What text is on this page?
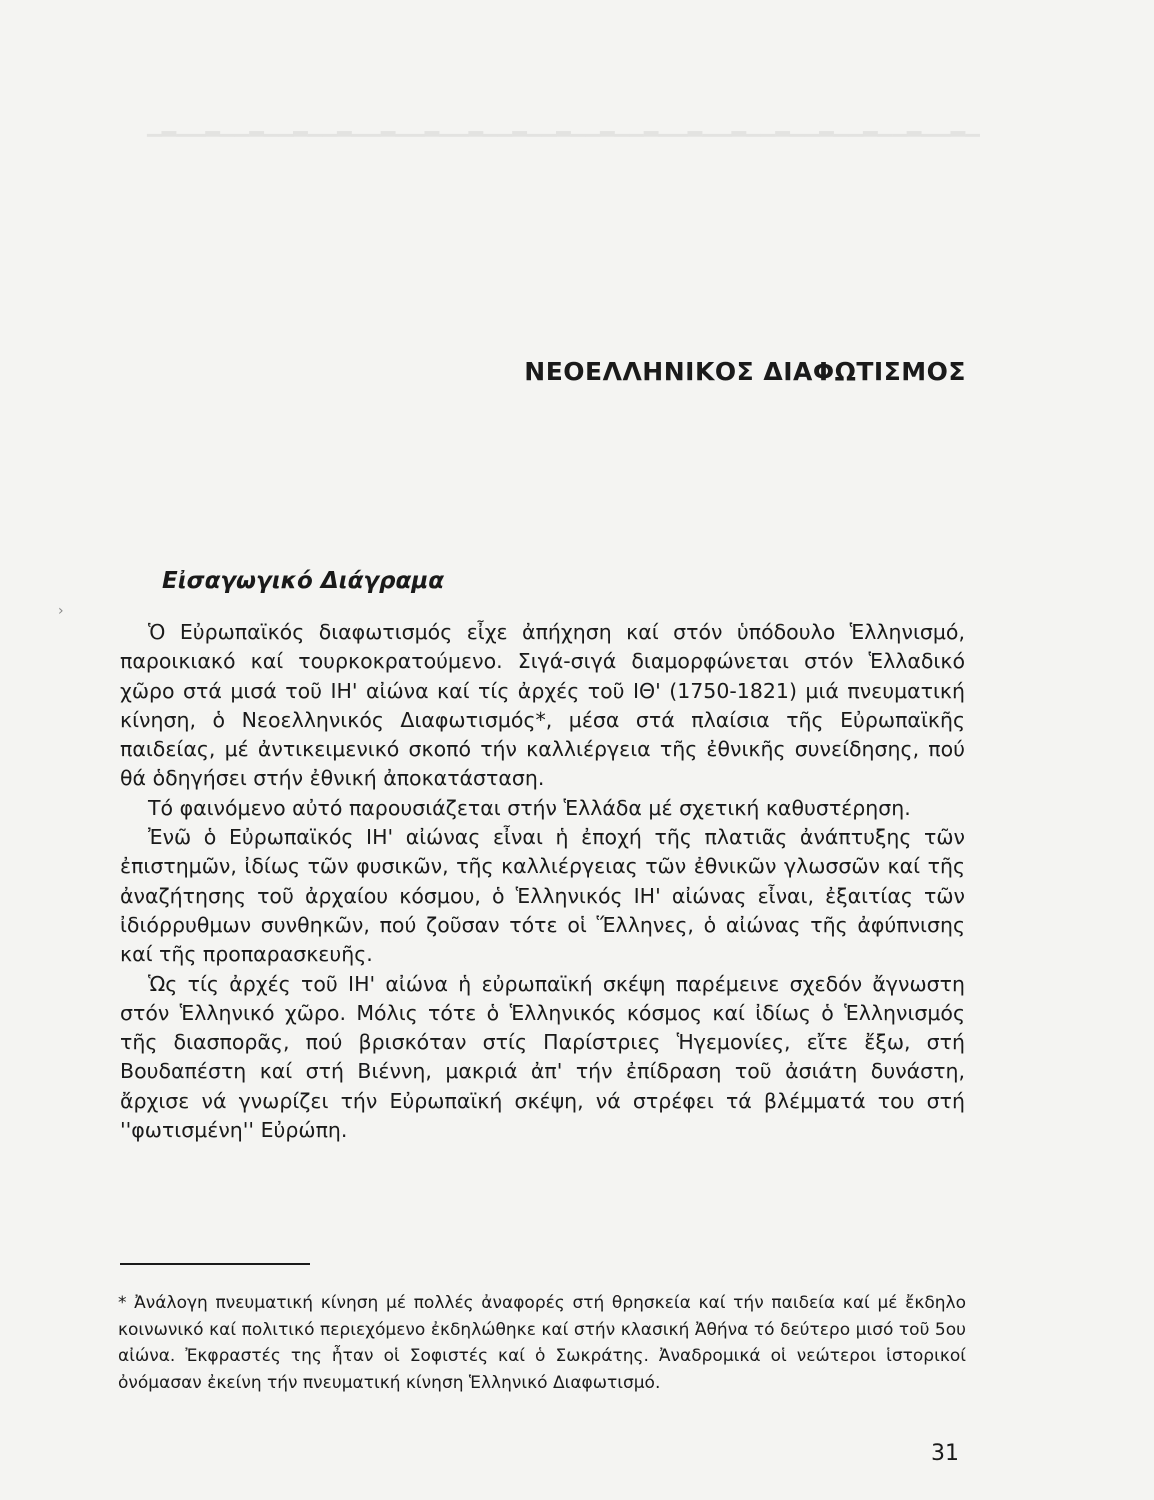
▁▂▁▁▂▁▁▂▁▁▂▁▁▂▁▁▂▁▁▂▁▁▂▁▁▂▁▁▂▁▁▂▁▁▂▁▁▂▁▁▂▁▁▂▁▁▂▁▁▂▁▁▂▁▁▂▁
ΝΕΟΕΛΛΗΝΙΚΟΣ ΔΙΑΦΩΤΙΣΜΟΣ
›
Εἰσαγωγικό Διάγραμα

Ὁ Εὐρωπαϊκός διαφωτισμός εἶχε ἀπήχηση καί στόν ὑπόδουλο Ἑλληνισμό, παροικιακό καί τουρκοκρατούμενο. Σιγά-σιγά διαμορφώνεται στόν Ἑλλαδικό χῶρο στά μισά τοῦ ΙΗ' αἰώνα καί τίς ἀρχές τοῦ ΙΘ' (1750-1821) μιά πνευματική κίνηση, ὁ Νεοελληνικός Διαφωτισμός*, μέσα στά πλαίσια τῆς Εὐρωπαϊκῆς παιδείας, μέ ἀντικειμενικό σκοπό τήν καλλιέργεια τῆς ἐθνικῆς συνείδησης, πού θά ὁδηγήσει στήν ἐθνική ἀποκατάσταση.

Τό φαινόμενο αὐτό παρουσιάζεται στήν Ἑλλάδα μέ σχετική καθυστέρηση.

Ἐνῶ ὁ Εὐρωπαϊκός ΙΗ' αἰώνας εἶναι ἡ ἐποχή τῆς πλατιᾶς ἀνάπτυξης τῶν ἐπιστημῶν, ἰδίως τῶν φυσικῶν, τῆς καλλιέργειας τῶν ἐθνικῶν γλωσσῶν καί τῆς ἀναζήτησης τοῦ ἀρχαίου κόσμου, ὁ Ἑλληνικός ΙΗ' αἰώνας εἶναι, ἐξαιτίας τῶν ἰδιόρρυθμων συνθηκῶν, πού ζοῦσαν τότε οἱ Ἕλληνες, ὁ αἰώνας τῆς ἀφύπνισης καί τῆς προπαρασκευῆς.

Ὡς τίς ἀρχές τοῦ ΙΗ' αἰώνα ἡ εὐρωπαϊκή σκέψη παρέμεινε σχεδόν ἄγνωστη στόν Ἑλληνικό χῶρο. Μόλις τότε ὁ Ἑλληνικός κόσμος καί ἰδίως ὁ Ἑλληνισμός τῆς διασπορᾶς, πού βρισκόταν στίς Παρίστριες Ἡγεμονίες, εἴτε ἔξω, στή Βουδαπέστη καί στή Βιέννη, μακριά ἀπ' τήν ἐπίδραση τοῦ ἀσιάτη δυνάστη, ἄρχισε νά γνωρίζει τήν Εὐρωπαϊκή σκέψη, νά στρέφει τά βλέμματά του στή ''φωτισμένη'' Εὐρώπη.

* Ἀνάλογη πνευματική κίνηση μέ πολλές ἀναφορές στή θρησκεία καί τήν παιδεία καί μέ ἔκδηλο κοινωνικό καί πολιτικό περιεχόμενο ἐκδηλώθηκε καί στήν κλασική Ἀθήνα τό δεύτερο μισό τοῦ 5ου αἰώνα. Ἐκφραστές της ἦταν οἱ Σοφιστές καί ὁ Σωκράτης. Ἀναδρομικά οἱ νεώτεροι ἱστορικοί ὀνόμασαν ἐκείνη τήν πνευματική κίνηση Ἑλληνικό Διαφωτισμό.

31
